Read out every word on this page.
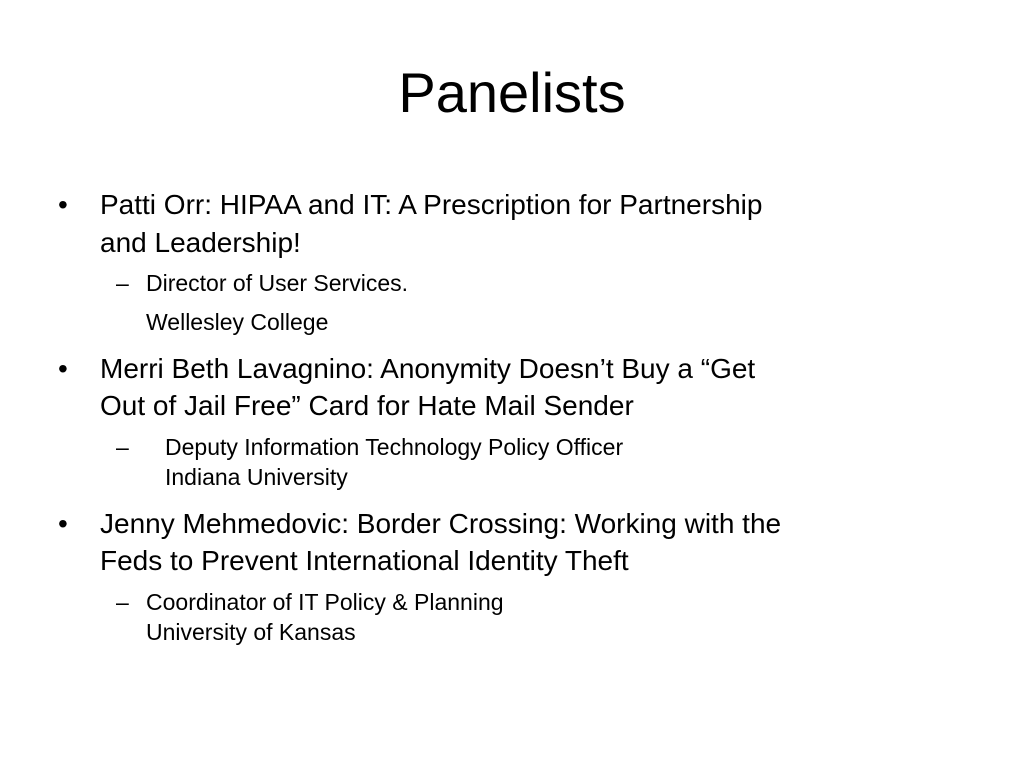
Panelists
•	Patti Orr: HIPAA and IT: A Prescription for Partnership
and Leadership!
– Director of User Services.
Wellesley College
•	Merri Beth Lavagnino: Anonymity Doesn’t Buy a “Get
Out of Jail Free” Card for Hate Mail Sender
– Deputy Information Technology Policy Officer
Indiana University
•	Jenny Mehmedovic: Border Crossing: Working with the
Feds to Prevent International Identity Theft
– Coordinator of IT Policy & Planning
University of Kansas
